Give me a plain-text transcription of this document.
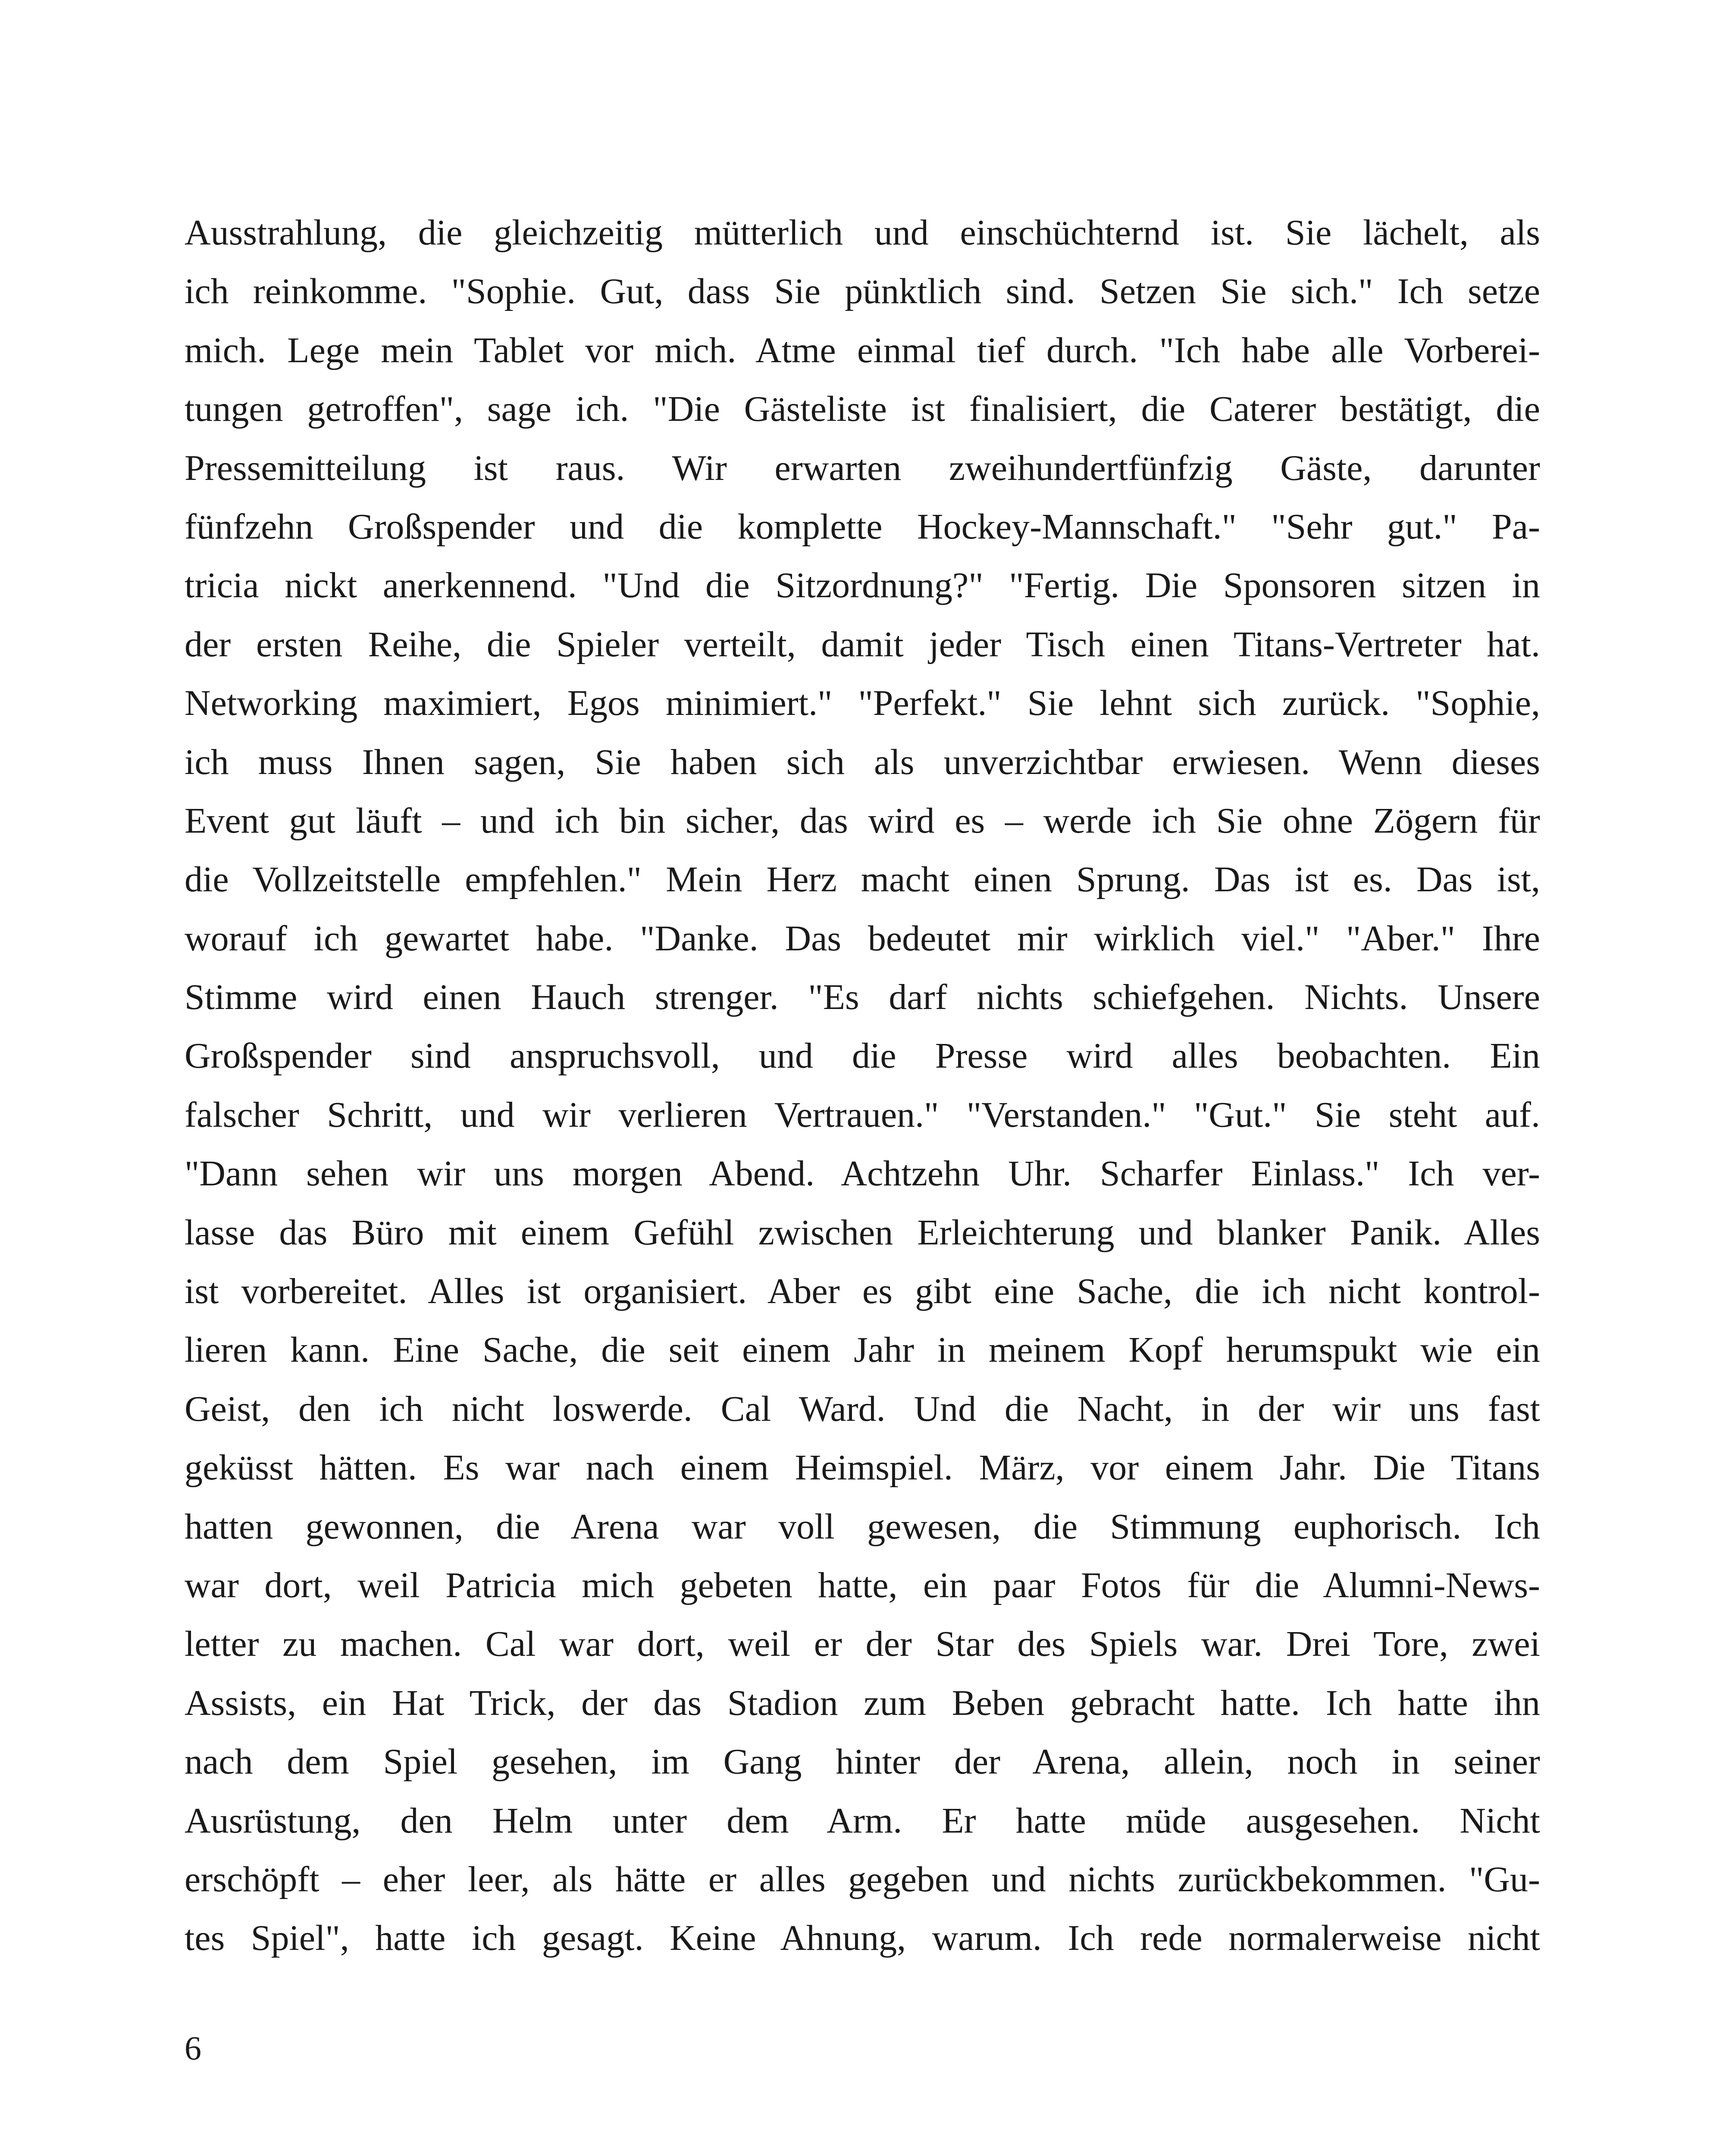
Ausstrahlung, die gleichzeitig mütterlich und einschüchternd ist. Sie lächelt, als
ich reinkomme. "Sophie. Gut, dass Sie pünktlich sind. Setzen Sie sich." Ich setze
mich. Lege mein Tablet vor mich. Atme einmal tief durch. "Ich habe alle Vorberei-
tungen getroffen", sage ich. "Die Gästeliste ist finalisiert, die Caterer bestätigt, die
Pressemitteilung ist raus. Wir erwarten zweihundertfünfzig Gäste, darunter
fünfzehn Großspender und die komplette Hockey-Mannschaft." "Sehr gut." Pa-
tricia nickt anerkennend. "Und die Sitzordnung?" "Fertig. Die Sponsoren sitzen in
der ersten Reihe, die Spieler verteilt, damit jeder Tisch einen Titans-Vertreter hat.
Networking maximiert, Egos minimiert." "Perfekt." Sie lehnt sich zurück. "Sophie,
ich muss Ihnen sagen, Sie haben sich als unverzichtbar erwiesen. Wenn dieses
Event gut läuft – und ich bin sicher, das wird es – werde ich Sie ohne Zögern für
die Vollzeitstelle empfehlen." Mein Herz macht einen Sprung. Das ist es. Das ist,
worauf ich gewartet habe. "Danke. Das bedeutet mir wirklich viel." "Aber." Ihre
Stimme wird einen Hauch strenger. "Es darf nichts schiefgehen. Nichts. Unsere
Großspender sind anspruchsvoll, und die Presse wird alles beobachten. Ein
falscher Schritt, und wir verlieren Vertrauen." "Verstanden." "Gut." Sie steht auf.
"Dann sehen wir uns morgen Abend. Achtzehn Uhr. Scharfer Einlass." Ich ver-
lasse das Büro mit einem Gefühl zwischen Erleichterung und blanker Panik. Alles
ist vorbereitet. Alles ist organisiert. Aber es gibt eine Sache, die ich nicht kontrol-
lieren kann. Eine Sache, die seit einem Jahr in meinem Kopf herumspukt wie ein
Geist, den ich nicht loswerde. Cal Ward. Und die Nacht, in der wir uns fast
geküsst hätten. Es war nach einem Heimspiel. März, vor einem Jahr. Die Titans
hatten gewonnen, die Arena war voll gewesen, die Stimmung euphorisch. Ich
war dort, weil Patricia mich gebeten hatte, ein paar Fotos für die Alumni-News-
letter zu machen. Cal war dort, weil er der Star des Spiels war. Drei Tore, zwei
Assists, ein Hat Trick, der das Stadion zum Beben gebracht hatte. Ich hatte ihn
nach dem Spiel gesehen, im Gang hinter der Arena, allein, noch in seiner
Ausrüstung, den Helm unter dem Arm. Er hatte müde ausgesehen. Nicht
erschöpft – eher leer, als hätte er alles gegeben und nichts zurückbekommen. "Gu-
tes Spiel", hatte ich gesagt. Keine Ahnung, warum. Ich rede normalerweise nicht
6
